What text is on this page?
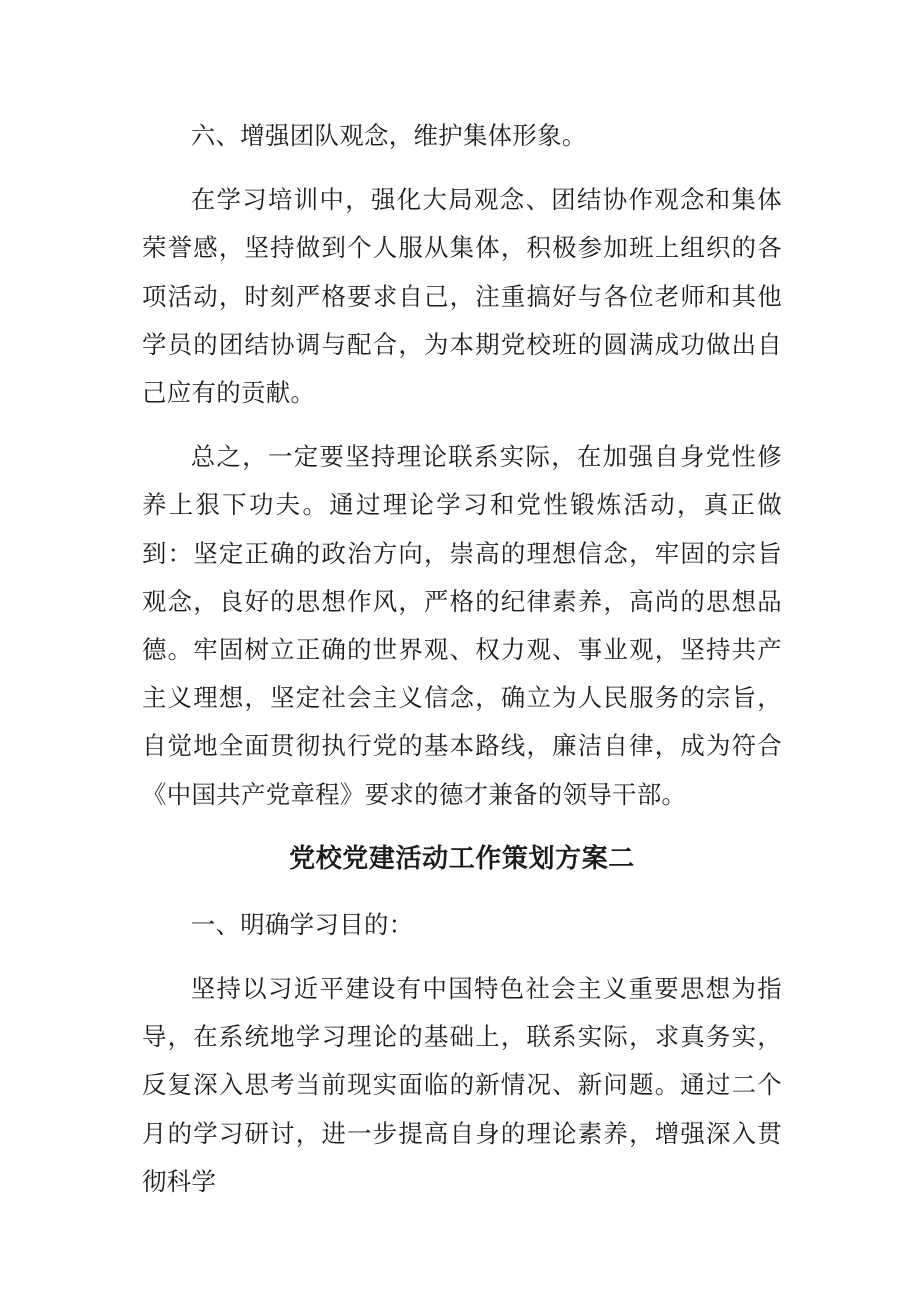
六、增强团队观念，维护集体形象。

在学习培训中，强化大局观念、团结协作观念和集体荣誉感，坚持做到个人服从集体，积极参加班上组织的各项活动，时刻严格要求自己，注重搞好与各位老师和其他学员的团结协调与配合，为本期党校班的圆满成功做出自己应有的贡献。

总之，一定要坚持理论联系实际，在加强自身党性修养上狠下功夫。通过理论学习和党性锻炼活动，真正做到：坚定正确的政治方向，崇高的理想信念，牢固的宗旨观念，良好的思想作风，严格的纪律素养，高尚的思想品德。牢固树立正确的世界观、权力观、事业观，坚持共产主义理想，坚定社会主义信念，确立为人民服务的宗旨，自觉地全面贯彻执行党的基本路线，廉洁自律，成为符合《中国共产党章程》要求的德才兼备的领导干部。

党校党建活动工作策划方案二

一、明确学习目的：

坚持以习近平建设有中国特色社会主义重要思想为指导，在系统地学习理论的基础上，联系实际，求真务实，反复深入思考当前现实面临的新情况、新问题。通过二个月的学习研讨，进一步提高自身的理论素养，增强深入贯彻科学
